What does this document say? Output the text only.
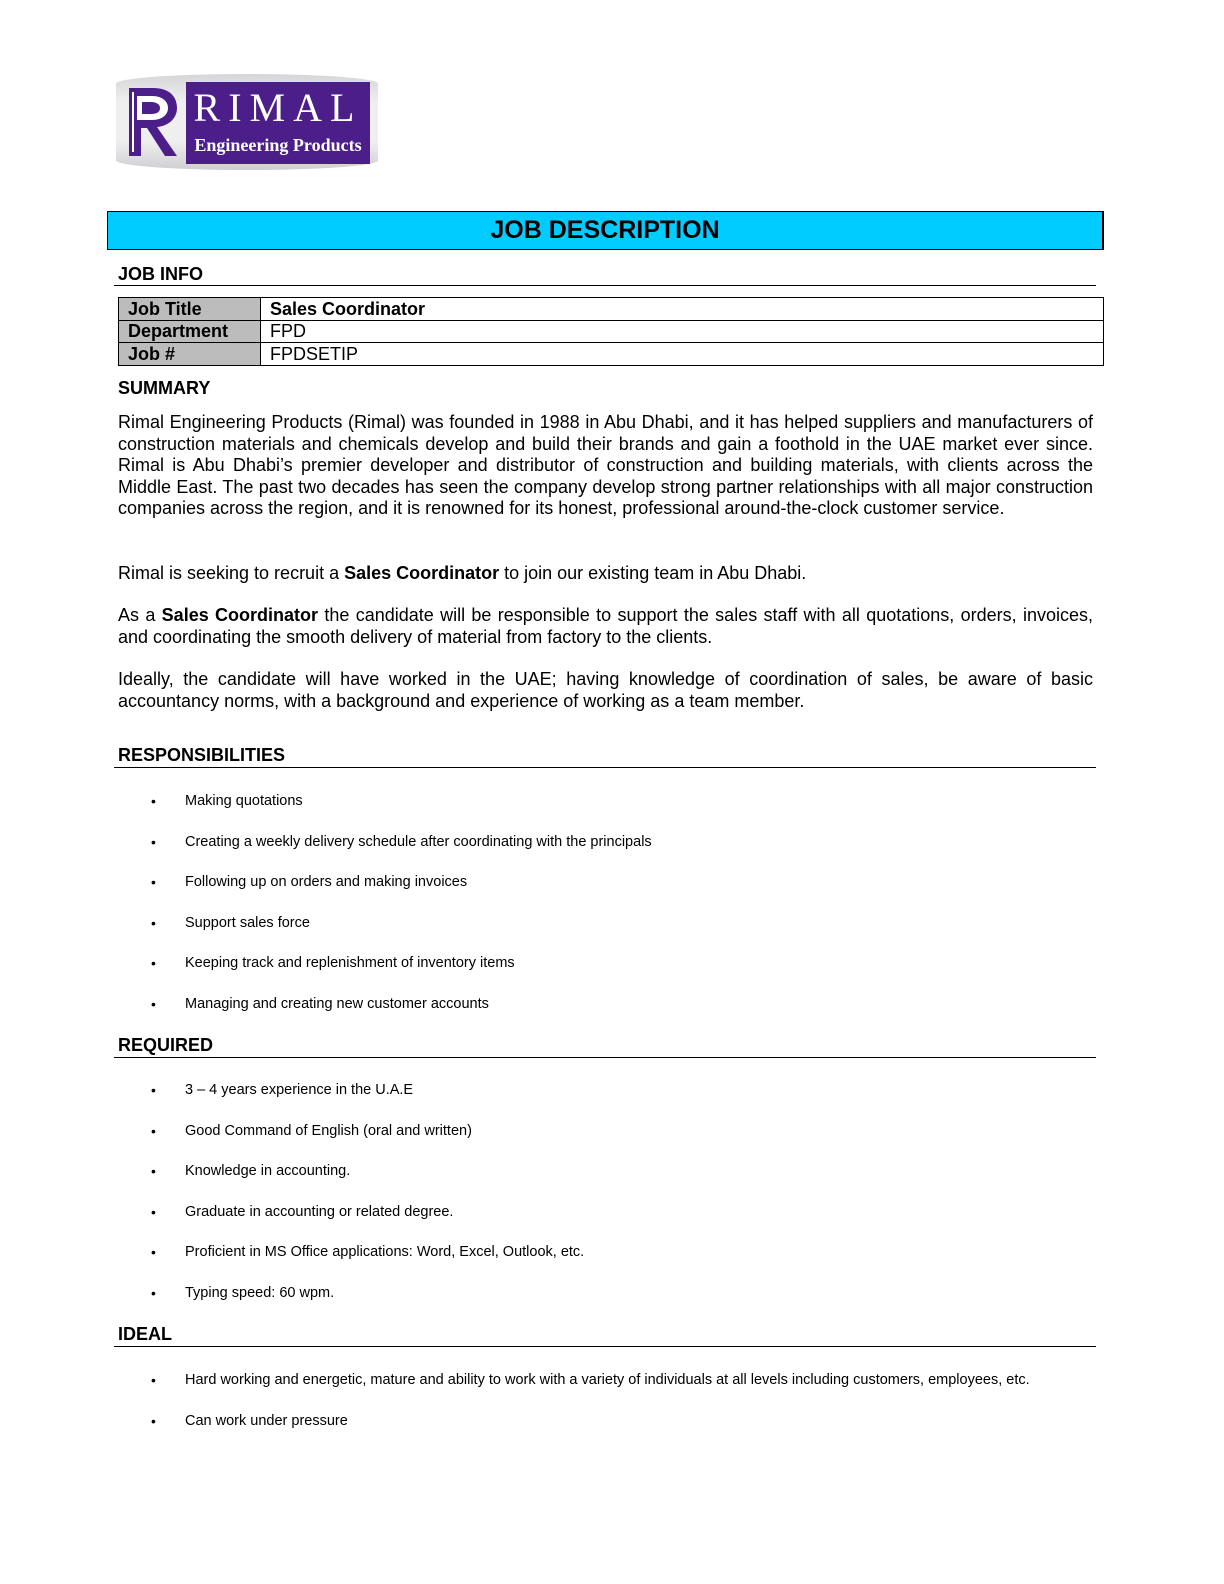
RIMAL
Engineering Products
JOB DESCRIPTION
JOB INFO
Job Title	Sales Coordinator
Department	FPD
Job #	FPDSETIP
SUMMARY

Rimal Engineering Products (Rimal) was founded in 1988 in Abu Dhabi, and it has helped suppliers and manufacturers of construction materials and chemicals develop and build their brands and gain a foothold in the UAE market ever since. Rimal is Abu Dhabi’s premier developer and distributor of construction and building materials, with clients across the Middle East. The past two decades has seen the company develop strong partner relationships with all major construction companies across the region, and it is renowned for its honest, professional around-the-clock customer service.

Rimal is seeking to recruit a Sales Coordinator to join our existing team in Abu Dhabi.

As a Sales Coordinator the candidate will be responsible to support the sales staff with all quotations, orders, invoices, and coordinating the smooth delivery of material from factory to the clients.

Ideally, the candidate will have worked in the UAE; having knowledge of coordination of sales, be aware of basic accountancy norms, with a background and experience of working as a team member.

RESPONSIBILITIES
• Making quotations
• Creating a weekly delivery schedule after coordinating with the principals
• Following up on orders and making invoices
• Support sales force
• Keeping track and replenishment of inventory items
• Managing and creating new customer accounts
REQUIRED
• 3 – 4 years experience in the U.A.E
• Good Command of English (oral and written)
• Knowledge in accounting.
• Graduate in accounting or related degree.
• Proficient in MS Office applications: Word, Excel, Outlook, etc.
• Typing speed: 60 wpm.
IDEAL
• Hard working and energetic, mature and ability to work with a variety of individuals at all levels including customers, employees, etc.
• Can work under pressure
